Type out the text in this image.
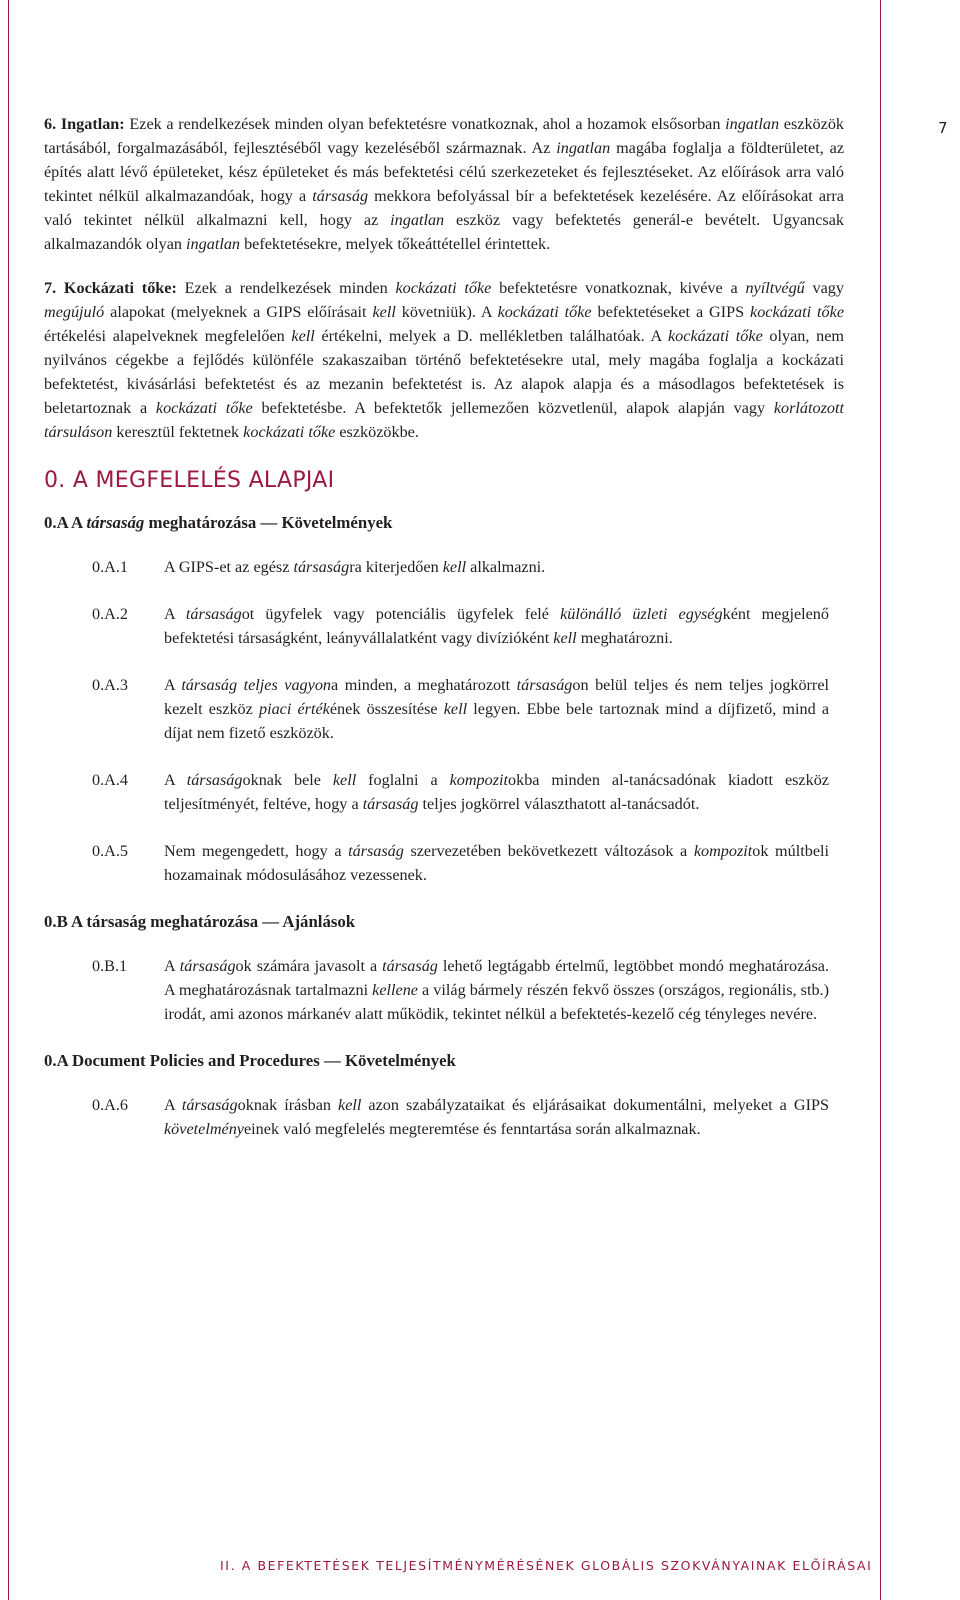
7

6. Ingatlan: Ezek a rendelkezések minden olyan befektetésre vonatkoznak, ahol a hozamok elsősorban ingatlan eszközök tartásából, forgalmazásából, fejlesztéséből vagy kezeléséből származnak. Az ingatlan magába foglalja a földterületet, az építés alatt lévő épületeket, kész épületeket és más befektetési célú szerkezeteket és fejlesztéseket. Az előírások arra való tekintet nélkül alkalmazandóak, hogy a társaság mekkora befolyással bír a befektetések kezelésére. Az előírásokat arra való tekintet nélkül alkalmazni kell, hogy az ingatlan eszköz vagy befektetés generál-e bevételt. Ugyancsak alkalmazandók olyan ingatlan befektetésekre, melyek tőkeáttétellel érintettek.

7. Kockázati tőke: Ezek a rendelkezések minden kockázati tőke befektetésre vonatkoznak, kivéve a nyíltvégű vagy megújuló alapokat (melyeknek a GIPS előírásait kell követniük). A kockázati tőke befektetéseket a GIPS kockázati tőke értékelési alapelveknek megfelelően kell értékelni, melyek a D. mellékletben találhatóak. A kockázati tőke olyan, nem nyilvános cégekbe a fejlődés különféle szakaszaiban történő befektetésekre utal, mely magába foglalja a kockázati befektetést, kivásárlási befektetést és az mezanin befektetést is. Az alapok alapja és a másodlagos befektetések is beletartoznak a kockázati tőke befektetésbe. A befektetők jellemezően közvetlenül, alapok alapján vagy korlátozott társuláson keresztül fektetnek kockázati tőke eszközökbe.

0. A MEGFELELÉS ALAPJAI
0.A A társaság meghatározása — Követelmények
0.A.1	A GIPS-et az egész társaságra kiterjedően kell alkalmazni.
0.A.2	A társaságot ügyfelek vagy potenciális ügyfelek felé különálló üzleti egységként megjelenő befektetési társaságként, leányvállalatként vagy divízióként kell meghatározni.
0.A.3	A társaság teljes vagyona minden, a meghatározott társaságon belül teljes és nem teljes jogkörrel kezelt eszköz piaci értékének összesítése kell legyen. Ebbe bele tartoznak mind a díjfizető, mind a díjat nem fizető eszközök.
0.A.4	A társaságoknak bele kell foglalni a kompozitokba minden al-tanácsadónak kiadott eszköz teljesítményét, feltéve, hogy a társaság teljes jogkörrel választhatott al-tanácsadót.
0.A.5	Nem megengedett, hogy a társaság szervezetében bekövetkezett változások a kompozitok múltbeli hozamainak módosulásához vezessenek.
0.B A társaság meghatározása — Ajánlások
0.B.1	A társaságok számára javasolt a társaság lehető legtágabb értelmű, legtöbbet mondó meghatározása. A meghatározásnak tartalmazni kellene a világ bármely részén fekvő összes (országos, regionális, stb.) irodát, ami azonos márkanév alatt működik, tekintet nélkül a befektetés-kezelő cég tényleges nevére.
0.A Document Policies and Procedures — Követelmények
0.A.6	A társaságoknak írásban kell azon szabályzataikat és eljárásaikat dokumentálni, melyeket a GIPS követelményeinek való megfelelés megteremtése és fenntartása során alkalmaznak.
II. A BEFEKTETÉSEK TELJESÍTMÉNYMÉRÉSÉNEK GLOBÁLIS SZOKVÁNYAINAK ELŐÍRÁSAI
